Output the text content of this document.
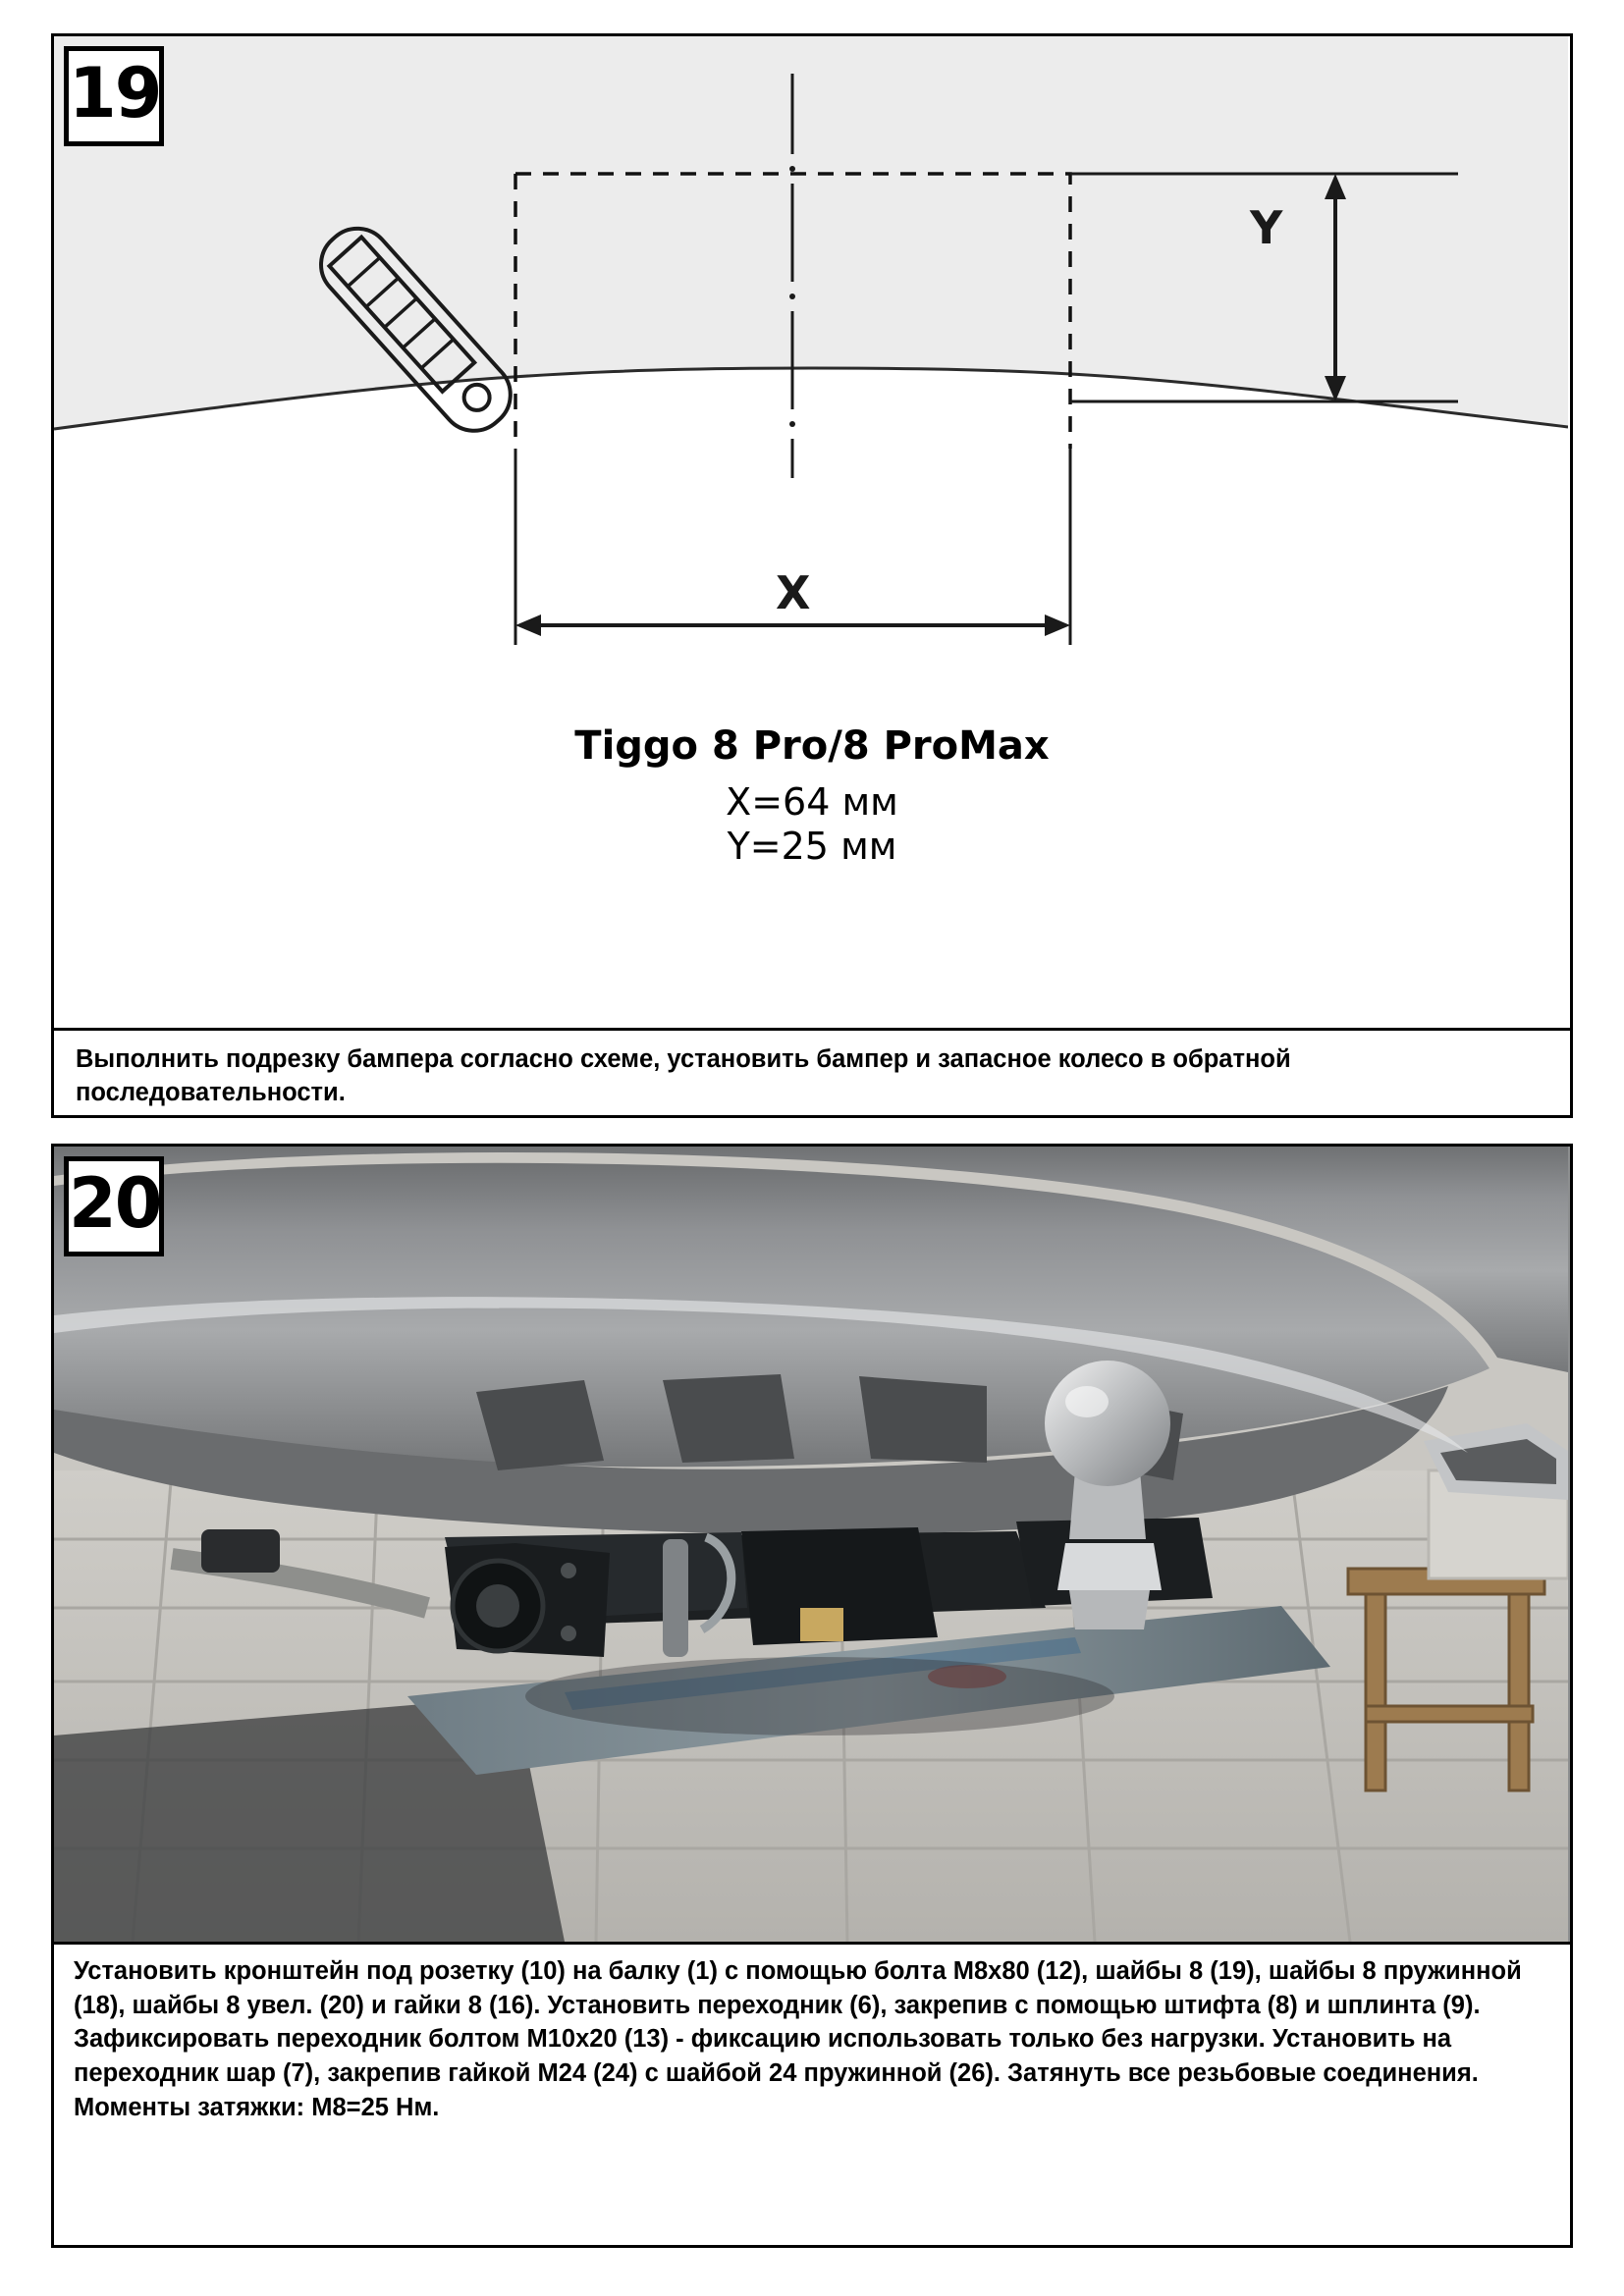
19
Y
X
Tiggo 8 Pro/8 ProMax
X=64 мм
Y=25 мм
Выполнить подрезку бампера согласно схеме, установить бампер и запасное колесо в обратной последовательности.
20
Установить кронштейн под розетку (10) на балку (1) с помощью болта М8х80 (12), шайбы 8 (19), шайбы 8 пружинной (18), шайбы 8 увел. (20) и гайки 8 (16). Установить переходник (6), закрепив с помощью штифта (8) и шплинта (9). Зафиксировать переходник болтом М10х20 (13) - фиксацию использовать только без нагрузки. Установить на переходник шар (7), закрепив гайкой М24 (24) с шайбой 24 пружинной (26). Затянуть все резьбовые соединения. Моменты затяжки: М8=25 Нм.
